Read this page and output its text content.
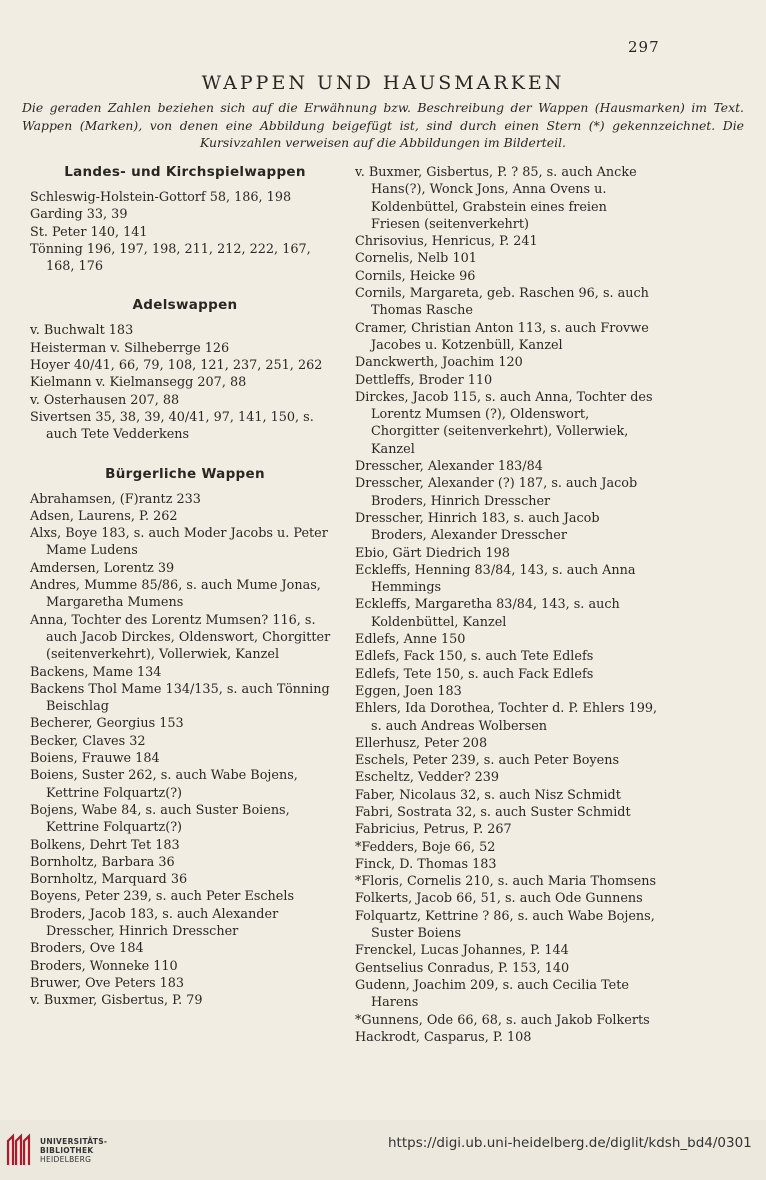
297
WAPPEN UND HAUSMARKEN
Die geraden Zahlen beziehen sich auf die Erwähnung bzw. Beschreibung der Wappen (Hausmarken) im Text. Wappen (Marken), von denen eine Abbildung beigefügt ist, sind durch einen Stern (*) gekennzeichnet. Die Kursivzahlen verweisen auf die Abbildungen im Bilderteil.
Landes- und Kirchspielwappen

Schleswig-Holstein-Gottorf 58, 186, 198

Garding 33, 39

St. Peter 140, 141

Tönning 196, 197, 198, 211, 212, 222, 167, 168, 176

Adelswappen

v. Buchwalt 183

Heisterman v. Silheberrge 126

Hoyer 40/41, 66, 79, 108, 121, 237, 251, 262

Kielmann v. Kielmansegg 207, 88

v. Osterhausen 207, 88

Sivertsen 35, 38, 39, 40/41, 97, 141, 150, s. auch Tete Vedderkens

Bürgerliche Wappen

Abrahamsen, (F)rantz 233

Adsen, Laurens, P. 262

Alxs, Boye 183, s. auch Moder Jacobs u. Peter Mame Ludens

Amdersen, Lorentz 39

Andres, Mumme 85/86, s. auch Mume Jonas, Margaretha Mumens

Anna, Tochter des Lorentz Mumsen? 116, s. auch Jacob Dirckes, Oldenswort, Chorgitter (seitenverkehrt), Vollerwiek, Kanzel

Backens, Mame 134

Backens Thol Mame 134/135, s. auch Tönning Beischlag

Becherer, Georgius 153

Becker, Claves 32

Boiens, Frauwe 184

Boiens, Suster 262, s. auch Wabe Bojens, Kettrine Folquartz(?)

Bojens, Wabe 84, s. auch Suster Boiens, Kettrine Folquartz(?)

Bolkens, Dehrt Tet 183

Bornholtz, Barbara 36

Bornholtz, Marquard 36

Boyens, Peter 239, s. auch Peter Eschels

Broders, Jacob 183, s. auch Alexander Dresscher, Hinrich Dresscher

Broders, Ove 184

Broders, Wonneke 110

Bruwer, Ove Peters 183

v. Buxmer, Gisbertus, P. 79

v. Buxmer, Gisbertus, P. ? 85, s. auch Ancke Hans(?), Wonck Jons, Anna Ovens u. Koldenbüttel, Grabstein eines freien Friesen (seitenverkehrt)

Chrisovius, Henricus, P. 241

Cornelis, Nelb 101

Cornils, Heicke 96

Cornils, Margareta, geb. Raschen 96, s. auch Thomas Rasche

Cramer, Christian Anton 113, s. auch Frovwe Jacobes u. Kotzenbüll, Kanzel

Danckwerth, Joachim 120

Dettleffs, Broder 110

Dirckes, Jacob 115, s. auch Anna, Tochter des Lorentz Mumsen (?), Oldenswort, Chorgitter (seitenverkehrt), Vollerwiek, Kanzel

Dresscher, Alexander 183/84

Dresscher, Alexander (?) 187, s. auch Jacob Broders, Hinrich Dresscher

Dresscher, Hinrich 183, s. auch Jacob Broders, Alexander Dresscher

Ebio, Gärt Diedrich 198

Eckleffs, Henning 83/84, 143, s. auch Anna Hemmings

Eckleffs, Margaretha 83/84, 143, s. auch Koldenbüttel, Kanzel

Edlefs, Anne 150

Edlefs, Fack 150, s. auch Tete Edlefs

Edlefs, Tete 150, s. auch Fack Edlefs

Eggen, Joen 183

Ehlers, Ida Dorothea, Tochter d. P. Ehlers 199, s. auch Andreas Wolbersen

Ellerhusz, Peter 208

Eschels, Peter 239, s. auch Peter Boyens

Escheltz, Vedder? 239

Faber, Nicolaus 32, s. auch Nisz Schmidt

Fabri, Sostrata 32, s. auch Suster Schmidt

Fabricius, Petrus, P. 267

*Fedders, Boje 66, 52

Finck, D. Thomas 183

*Floris, Cornelis 210, s. auch Maria Thomsens

Folkerts, Jacob 66, 51, s. auch Ode Gunnens

Folquartz, Kettrine ? 86, s. auch Wabe Bojens, Suster Boiens

Frenckel, Lucas Johannes, P. 144

Gentselius Conradus, P. 153, 140

Gudenn, Joachim 209, s. auch Cecilia Tete Harens

*Gunnens, Ode 66, 68, s. auch Jakob Folkerts

Hackrodt, Casparus, P. 108

UNIVERSITÄTS-
BIBLIOTHEK
HEIDELBERG
https://digi.ub.uni-heidelberg.de/diglit/kdsh_bd4/0301
